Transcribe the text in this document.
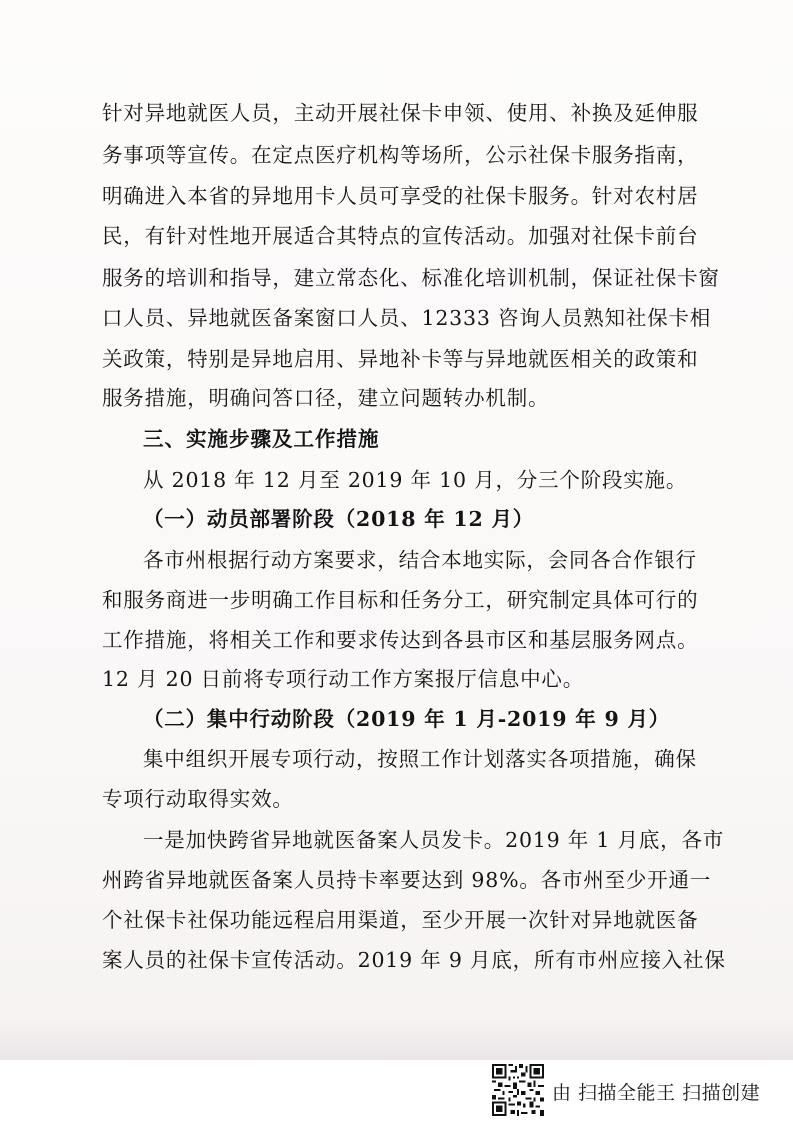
针对异地就医人员，主动开展社保卡申领、使用、补换及延伸服
务事项等宣传。在定点医疗机构等场所，公示社保卡服务指南，
明确进入本省的异地用卡人员可享受的社保卡服务。针对农村居
民，有针对性地开展适合其特点的宣传活动。加强对社保卡前台
服务的培训和指导，建立常态化、标准化培训机制，保证社保卡窗
口人员、异地就医备案窗口人员、12333 咨询人员熟知社保卡相
关政策，特别是异地启用、异地补卡等与异地就医相关的政策和
服务措施，明确问答口径，建立问题转办机制。
三、实施步骤及工作措施
从 2018 年 12 月至 2019 年 10 月，分三个阶段实施。
（一）动员部署阶段（2018 年 12 月）
各市州根据行动方案要求，结合本地实际，会同各合作银行
和服务商进一步明确工作目标和任务分工，研究制定具体可行的
工作措施，将相关工作和要求传达到各县市区和基层服务网点。
12 月 20 日前将专项行动工作方案报厅信息中心。
（二）集中行动阶段（2019 年 1 月-2019 年 9 月）
集中组织开展专项行动，按照工作计划落实各项措施，确保
专项行动取得实效。
一是加快跨省异地就医备案人员发卡。2019 年 1 月底，各市
州跨省异地就医备案人员持卡率要达到 98%。各市州至少开通一
个社保卡社保功能远程启用渠道，至少开展一次针对异地就医备
案人员的社保卡宣传活动。2019 年 9 月底，所有市州应接入社保
由 扫描全能王 扫描创建
